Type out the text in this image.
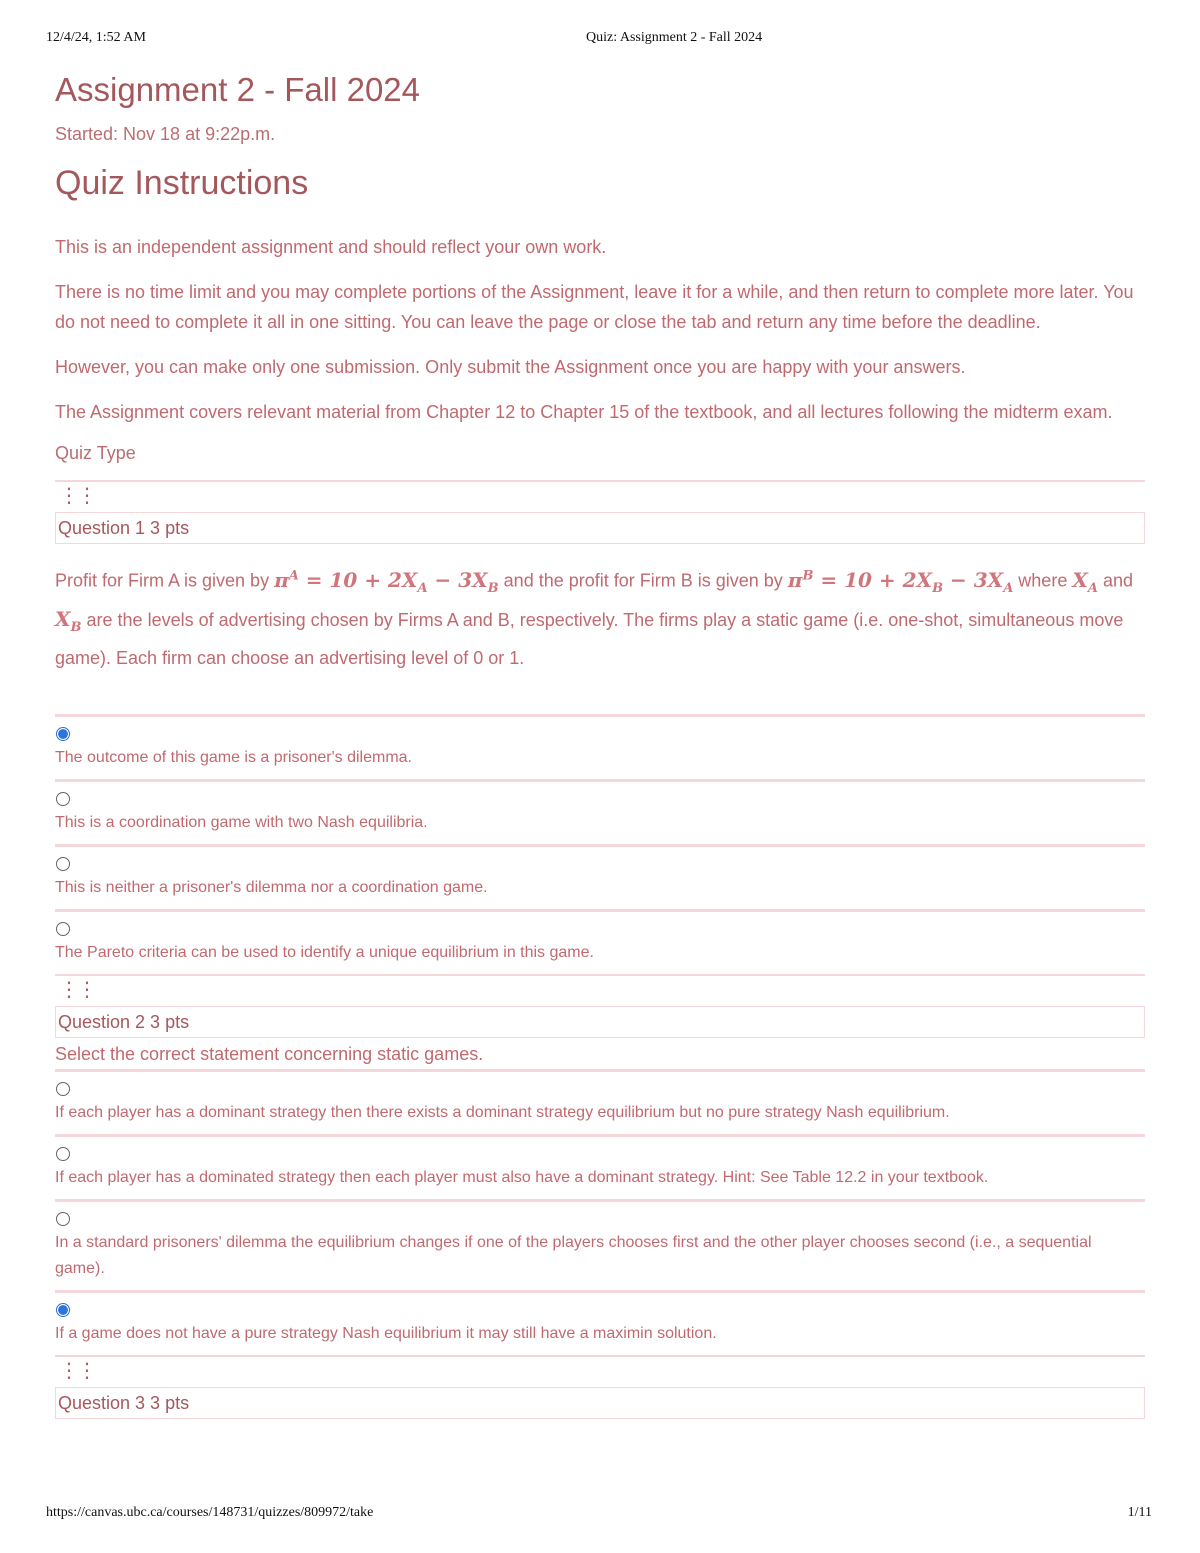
12/4/24, 1:52 AM	Quiz: Assignment 2 - Fall 2024
Assignment 2 - Fall 2024
Started: Nov 18 at 9:22p.m.
Quiz Instructions

This is an independent assignment and should reflect your own work.

There is no time limit and you may complete portions of the Assignment, leave it for a while, and then return to complete more later. You do not need to complete it all in one sitting. You can leave the page or close the tab and return any time before the deadline.

However, you can make only one submission. Only submit the Assignment once you are happy with your answers.

The Assignment covers relevant material from Chapter 12 to Chapter 15 of the textbook, and all lectures following the midterm exam.

Quiz Type
⋮⋮
Question 1 3 pts
Profit for Firm A is given by $\pi^A = 10 + 2X_A - 3X_B$ and the profit for Firm B is given by $\pi^B = 10 + 2X_B - 3X_A$ where $X_A$ and $X_B$ are the levels of advertising chosen by Firms A and B, respectively. The firms play a static game (i.e. one-shot, simultaneous move game). Each firm can choose an advertising level of 0 or 1.
The outcome of this game is a prisoner's dilemma.
This is a coordination game with two Nash equilibria.
This is neither a prisoner's dilemma nor a coordination game.
The Pareto criteria can be used to identify a unique equilibrium in this game.
⋮⋮
Question 2 3 pts
Select the correct statement concerning static games.
If each player has a dominant strategy then there exists a dominant strategy equilibrium but no pure strategy Nash equilibrium.
If each player has a dominated strategy then each player must also have a dominant strategy. Hint: See Table 12.2 in your textbook.
In a standard prisoners' dilemma the equilibrium changes if one of the players chooses first and the other player chooses second (i.e., a sequential game).
If a game does not have a pure strategy Nash equilibrium it may still have a maximin solution.
⋮⋮
Question 3 3 pts
https://canvas.ubc.ca/courses/148731/quizzes/809972/take	1/11
